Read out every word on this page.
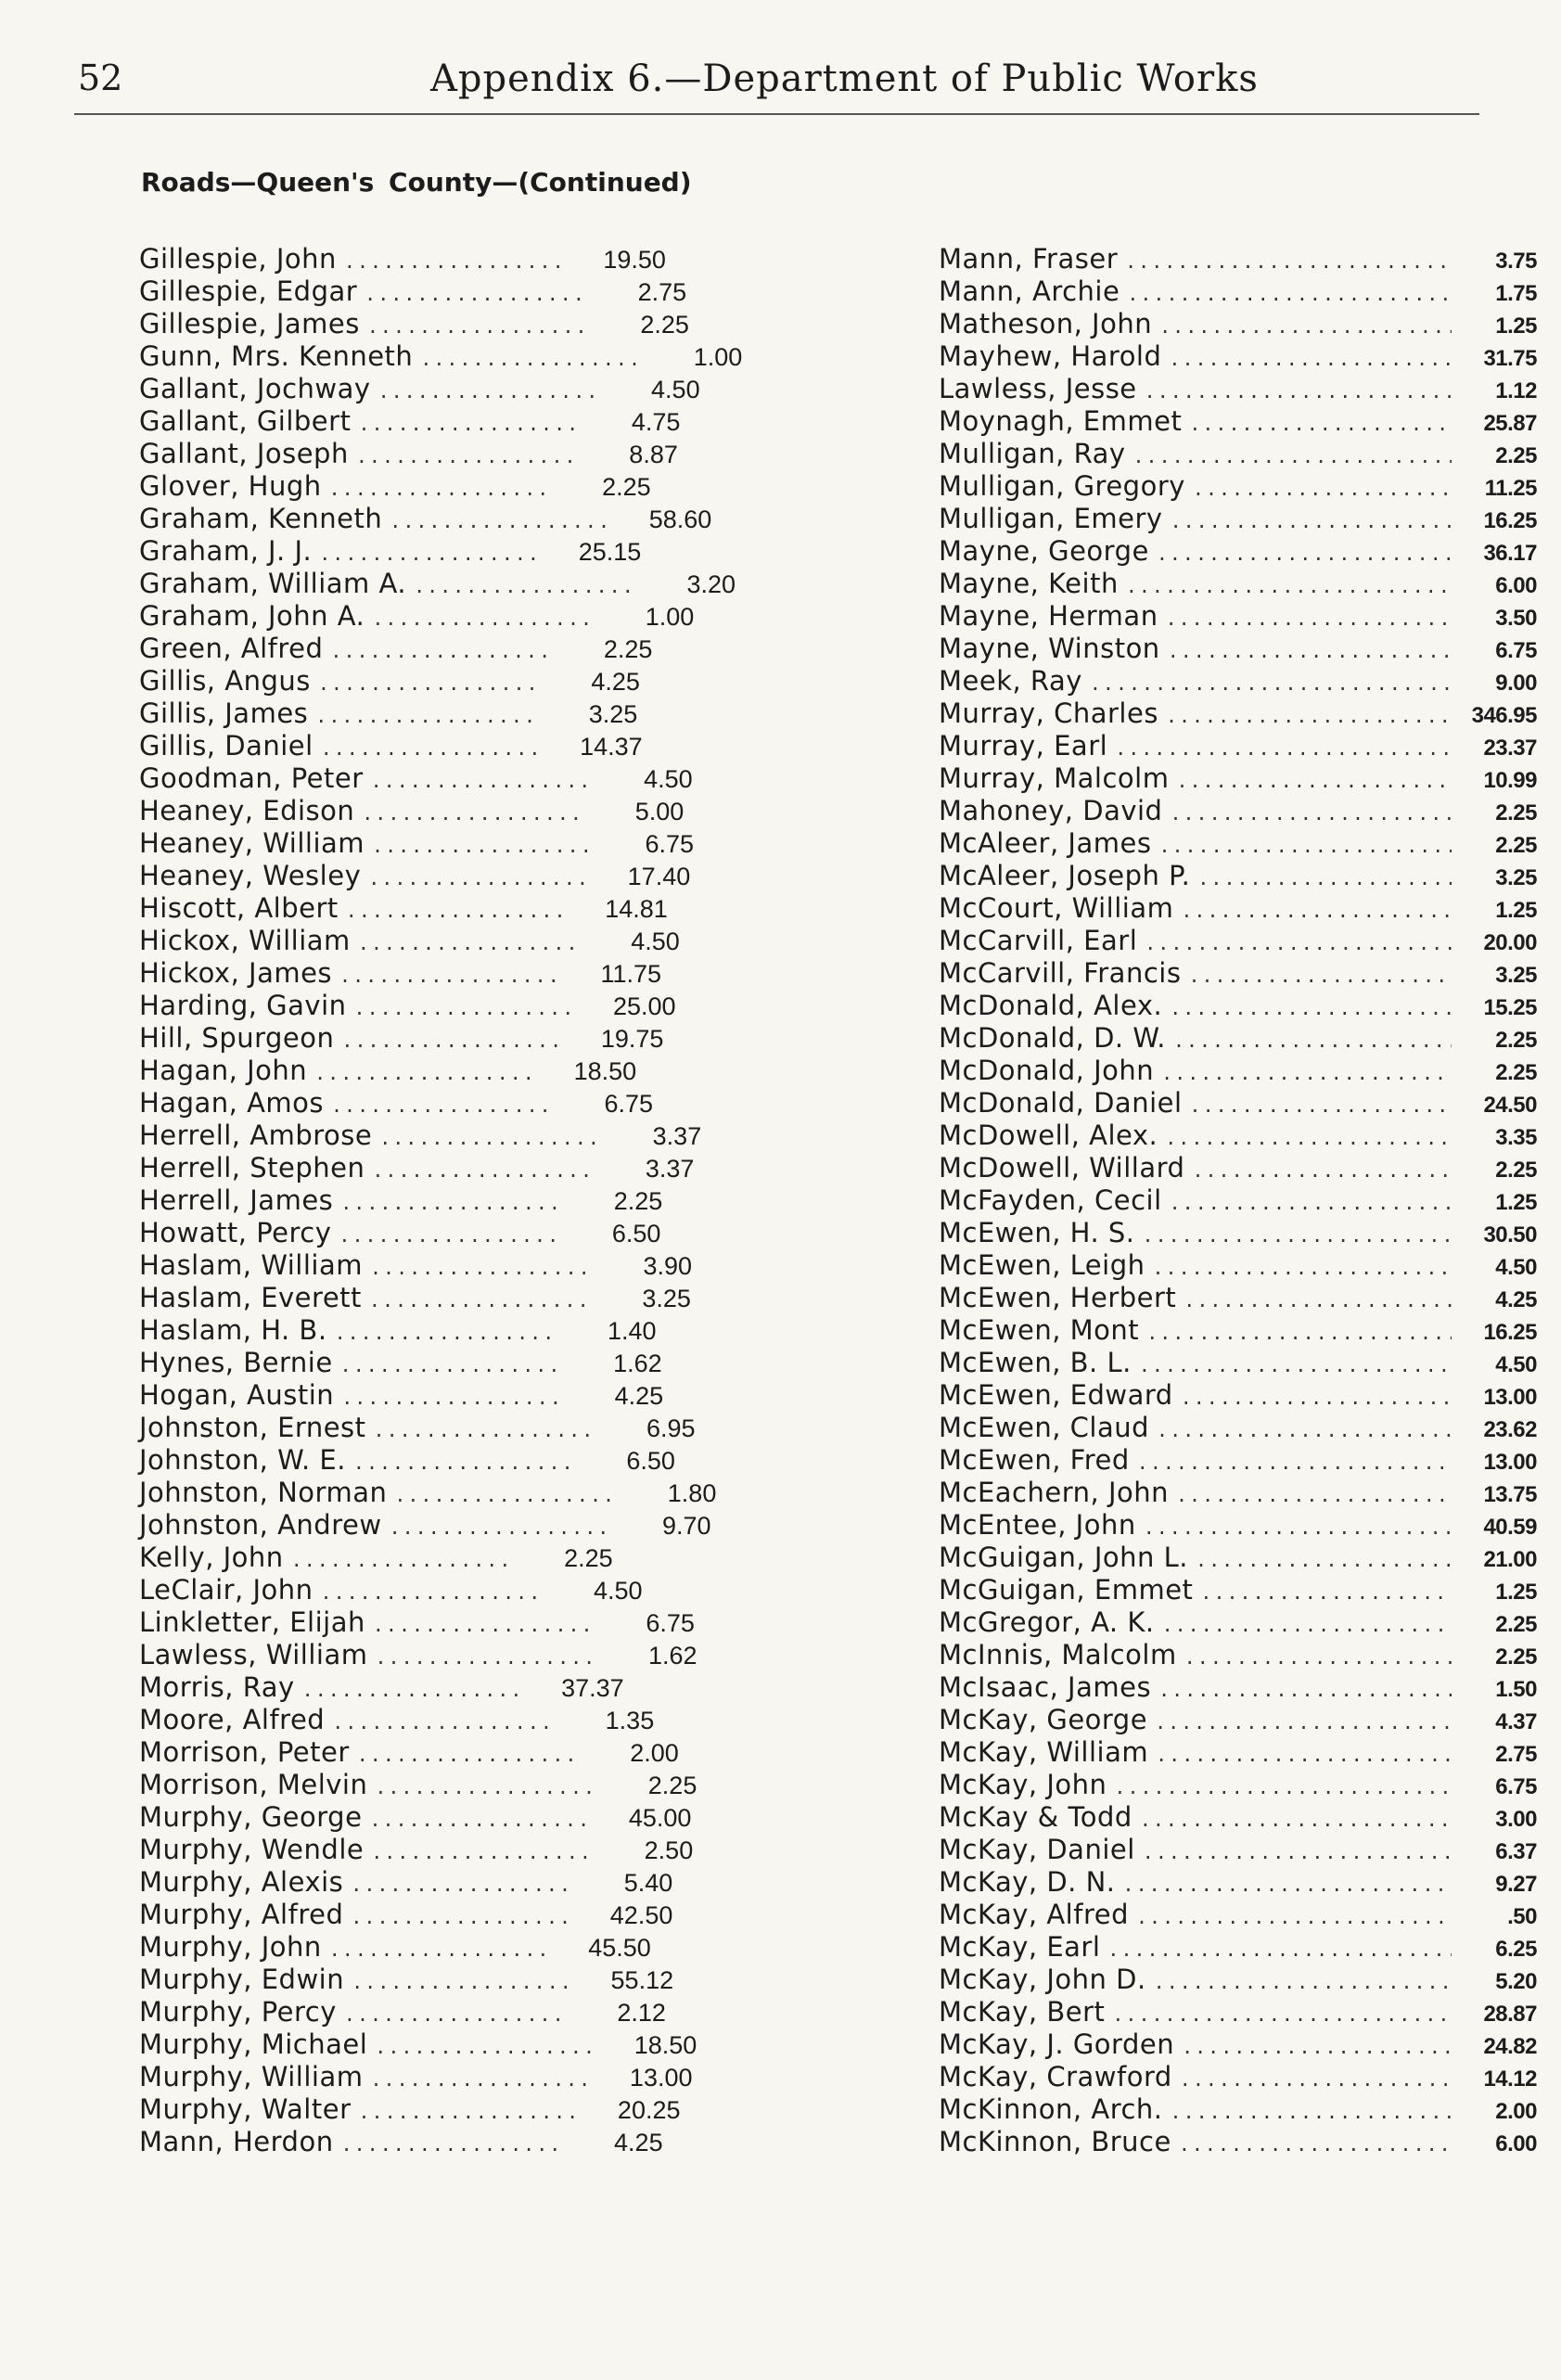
52	Appendix 6.—Department of Public Works
Roads—Queen's County—(Continued)
Gillespie, John .....	19.50
Gillespie, Edgar .....	2.75
Gillespie, James .....	2.25
Gunn, Mrs. Kenneth .....	1.00
Gallant, Jochway .....	4.50
Gallant, Gilbert .....	4.75
Gallant, Joseph .....	8.87
Glover, Hugh .....	2.25
Graham, Kenneth .....	58.60
Graham, J. J. .....	25.15
Graham, William A. .....	3.20
Graham, John A. .....	1.00
Green, Alfred .....	2.25
Gillis, Angus .....	4.25
Gillis, James .....	3.25
Gillis, Daniel .....	14.37
Goodman, Peter .....	4.50
Heaney, Edison .....	5.00
Heaney, William .....	6.75
Heaney, Wesley .....	17.40
Hiscott, Albert .....	14.81
Hickox, William .....	4.50
Hickox, James .....	11.75
Harding, Gavin .....	25.00
Hill, Spurgeon .....	19.75
Hagan, John .....	18.50
Hagan, Amos .....	6.75
Herrell, Ambrose .....	3.37
Herrell, Stephen .....	3.37
Herrell, James .....	2.25
Howatt, Percy .....	6.50
Haslam, William .....	3.90
Haslam, Everett .....	3.25
Haslam, H. B. .....	1.40
Hynes, Bernie .....	1.62
Hogan, Austin .....	4.25
Johnston, Ernest .....	6.95
Johnston, W. E. .....	6.50
Johnston, Norman .....	1.80
Johnston, Andrew .....	9.70
Kelly, John .....	2.25
LeClair, John .....	4.50
Linkletter, Elijah .....	6.75
Lawless, William .....	1.62
Morris, Ray .....	37.37
Moore, Alfred .....	1.35
Morrison, Peter .....	2.00
Morrison, Melvin .....	2.25
Murphy, George .....	45.00
Murphy, Wendle .....	2.50
Murphy, Alexis .....	5.40
Murphy, Alfred .....	42.50
Murphy, John .....	45.50
Murphy, Edwin .....	55.12
Murphy, Percy .....	2.12
Murphy, Michael .....	18.50
Murphy, William .....	13.00
Murphy, Walter .....	20.25
Mann, Herdon .....	4.25
Mann, Fraser .....	3.75
Mann, Archie .....	1.75
Matheson, John .....	1.25
Mayhew, Harold .....	31.75
Lawless, Jesse .....	1.12
Moynagh, Emmet .....	25.87
Mulligan, Ray .....	2.25
Mulligan, Gregory .....	11.25
Mulligan, Emery .....	16.25
Mayne, George .....	36.17
Mayne, Keith .....	6.00
Mayne, Herman .....	3.50
Mayne, Winston .....	6.75
Meek, Ray .....	9.00
Murray, Charles .....	346.95
Murray, Earl .....	23.37
Murray, Malcolm .....	10.99
Mahoney, David .....	2.25
McAleer, James .....	2.25
McAleer, Joseph P. .....	3.25
McCourt, William .....	1.25
McCarvill, Earl .....	20.00
McCarvill, Francis .....	3.25
McDonald, Alex. .....	15.25
McDonald, D. W. .....	2.25
McDonald, John .....	2.25
McDonald, Daniel .....	24.50
McDowell, Alex. .....	3.35
McDowell, Willard .....	2.25
McFayden, Cecil .....	1.25
McEwen, H. S. .....	30.50
McEwen, Leigh .....	4.50
McEwen, Herbert .....	4.25
McEwen, Mont .....	16.25
McEwen, B. L. .....	4.50
McEwen, Edward .....	13.00
McEwen, Claud .....	23.62
McEwen, Fred .....	13.00
McEachern, John .....	13.75
McEntee, John .....	40.59
McGuigan, John L. .....	21.00
McGuigan, Emmet .....	1.25
McGregor, A. K. .....	2.25
McInnis, Malcolm .....	2.25
McIsaac, James .....	1.50
McKay, George .....	4.37
McKay, William .....	2.75
McKay, John .....	6.75
McKay & Todd .....	3.00
McKay, Daniel .....	6.37
McKay, D. N. .....	9.27
McKay, Alfred .....	.50
McKay, Earl .....	6.25
McKay, John D. .....	5.20
McKay, Bert .....	28.87
McKay, J. Gorden .....	24.82
McKay, Crawford .....	14.12
McKinnon, Arch. .....	2.00
McKinnon, Bruce .....	6.00
